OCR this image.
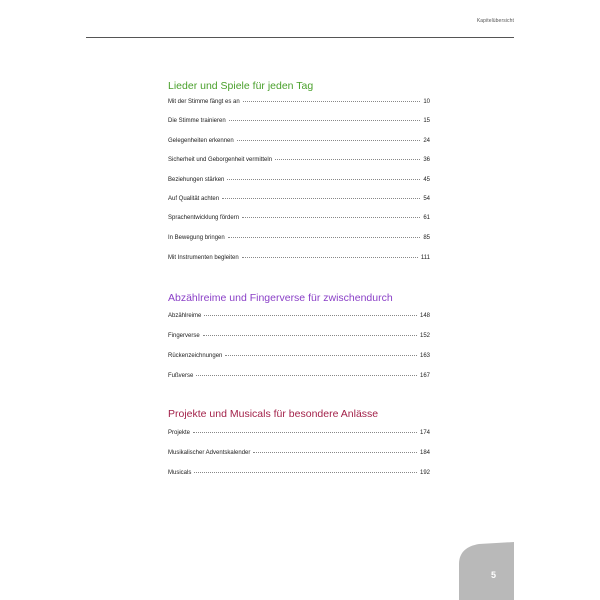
Kapitelübersicht
Lieder und Spiele für jeden Tag
Mit der Stimme fängt es an	10
Die Stimme trainieren	15
Gelegenheiten erkennen	24
Sicherheit und Geborgenheit vermitteln	36
Beziehungen stärken	45
Auf Qualität achten	54
Sprachentwicklung fördern	61
In Bewegung bringen	85
Mit Instrumenten begleiten	111
Abzählreime und Fingerverse für zwischendurch
Abzählreime	148
Fingerverse	152
Rückenzeichnungen	163
Fußverse	167
Projekte und Musicals für besondere Anlässe
Projekte	174
Musikalischer Adventskalender	184
Musicals	192
5
